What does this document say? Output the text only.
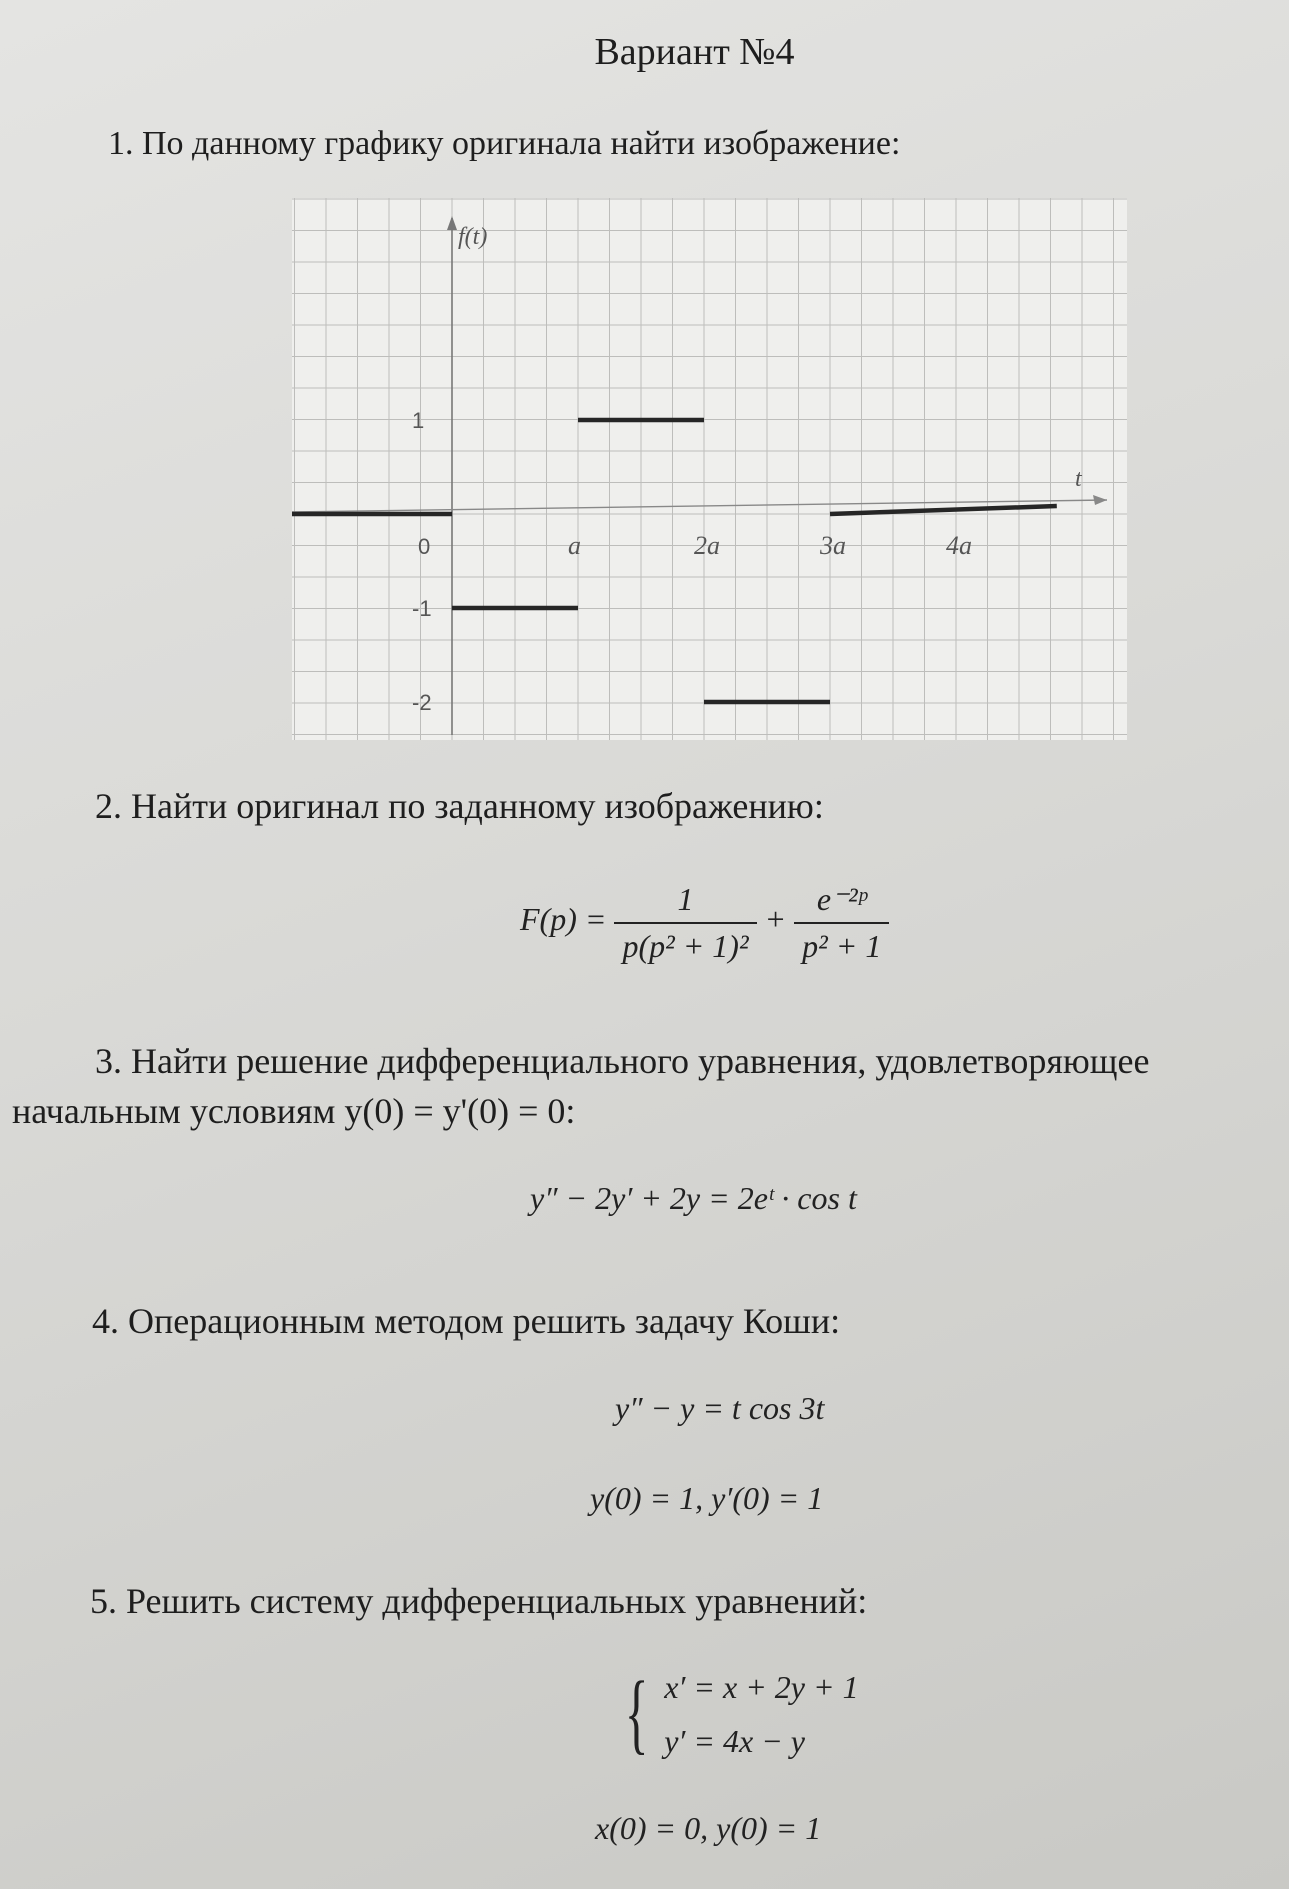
Вариант №4
1. По данному графику оригинала найти изображение:
f(t)
t
0	a	2a	3a	4a
1
-1
-2
2. Найти оригинал по заданному изображению:
$F(p) = \frac{1}{\text{p(p² + 1)²}} + \frac{\text{e⁻²ᵖ}}{\text{p² + 1}}$
3. Найти решение дифференциального уравнения, удовлетворяющее
начальным условиям y(0) = y'(0) = 0:
y″ − 2y′ + 2y = 2eᵗ · cos t
4. Операционным методом решить задачу Коши:
y″ − y = t cos 3t
y(0) = 1, y′(0) = 1
5. Решить систему дифференциальных уравнений:
{ x′ = x + 2y + 1
y′ = 4x − y
x(0) = 0, y(0) = 1
